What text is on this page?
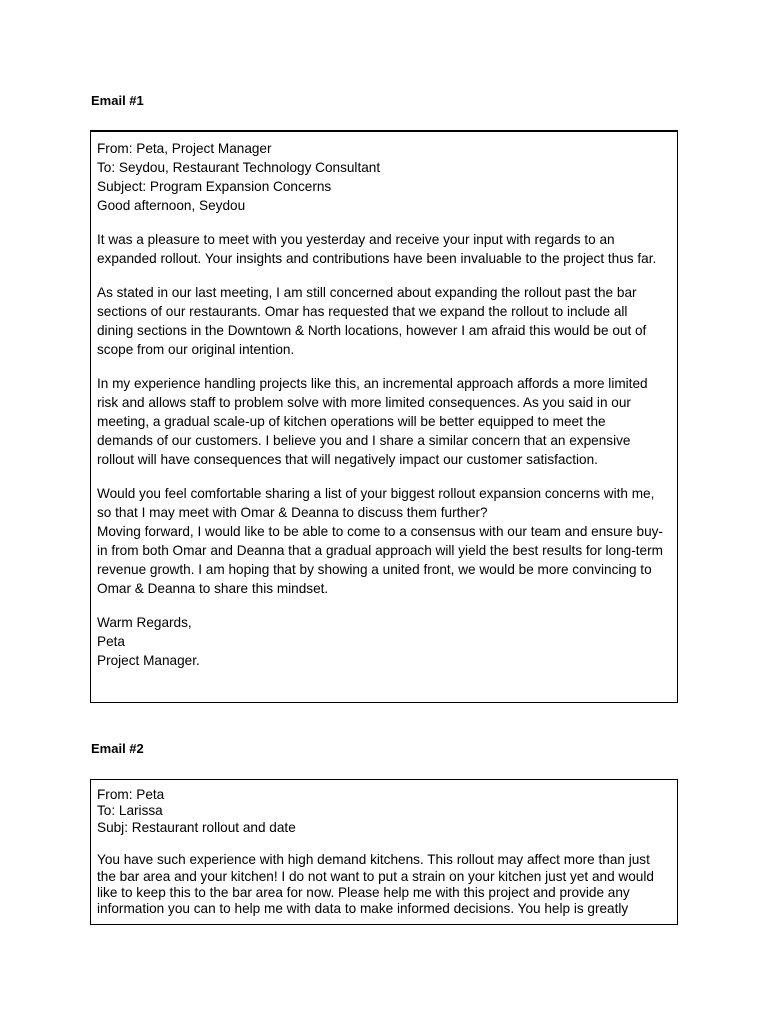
Email #1
From: Peta, Project Manager
To: Seydou, Restaurant Technology Consultant
Subject: Program Expansion Concerns
Good afternoon, Seydou
It was a pleasure to meet with you yesterday and receive your input with regards to an
expanded rollout. Your insights and contributions have been invaluable to the project thus far.
As stated in our last meeting, I am still concerned about expanding the rollout past the bar
sections of our restaurants. Omar has requested that we expand the rollout to include all
dining sections in the Downtown & North locations, however I am afraid this would be out of
scope from our original intention.
In my experience handling projects like this, an incremental approach affords a more limited
risk and allows staff to problem solve with more limited consequences. As you said in our
meeting, a gradual scale-up of kitchen operations will be better equipped to meet the
demands of our customers. I believe you and I share a similar concern that an expensive
rollout will have consequences that will negatively impact our customer satisfaction.
Would you feel comfortable sharing a list of your biggest rollout expansion concerns with me,
so that I may meet with Omar & Deanna to discuss them further?
Moving forward, I would like to be able to come to a consensus with our team and ensure buy-
in from both Omar and Deanna that a gradual approach will yield the best results for long-term
revenue growth. I am hoping that by showing a united front, we would be more convincing to
Omar & Deanna to share this mindset.
Warm Regards,
Peta
Project Manager.
Email #2
From: Peta
To: Larissa
Subj: Restaurant rollout and date
You have such experience with high demand kitchens. This rollout may affect more than just
the bar area and your kitchen! I do not want to put a strain on your kitchen just yet and would
like to keep this to the bar area for now. Please help me with this project and provide any
information you can to help me with data to make informed decisions. You help is greatly
